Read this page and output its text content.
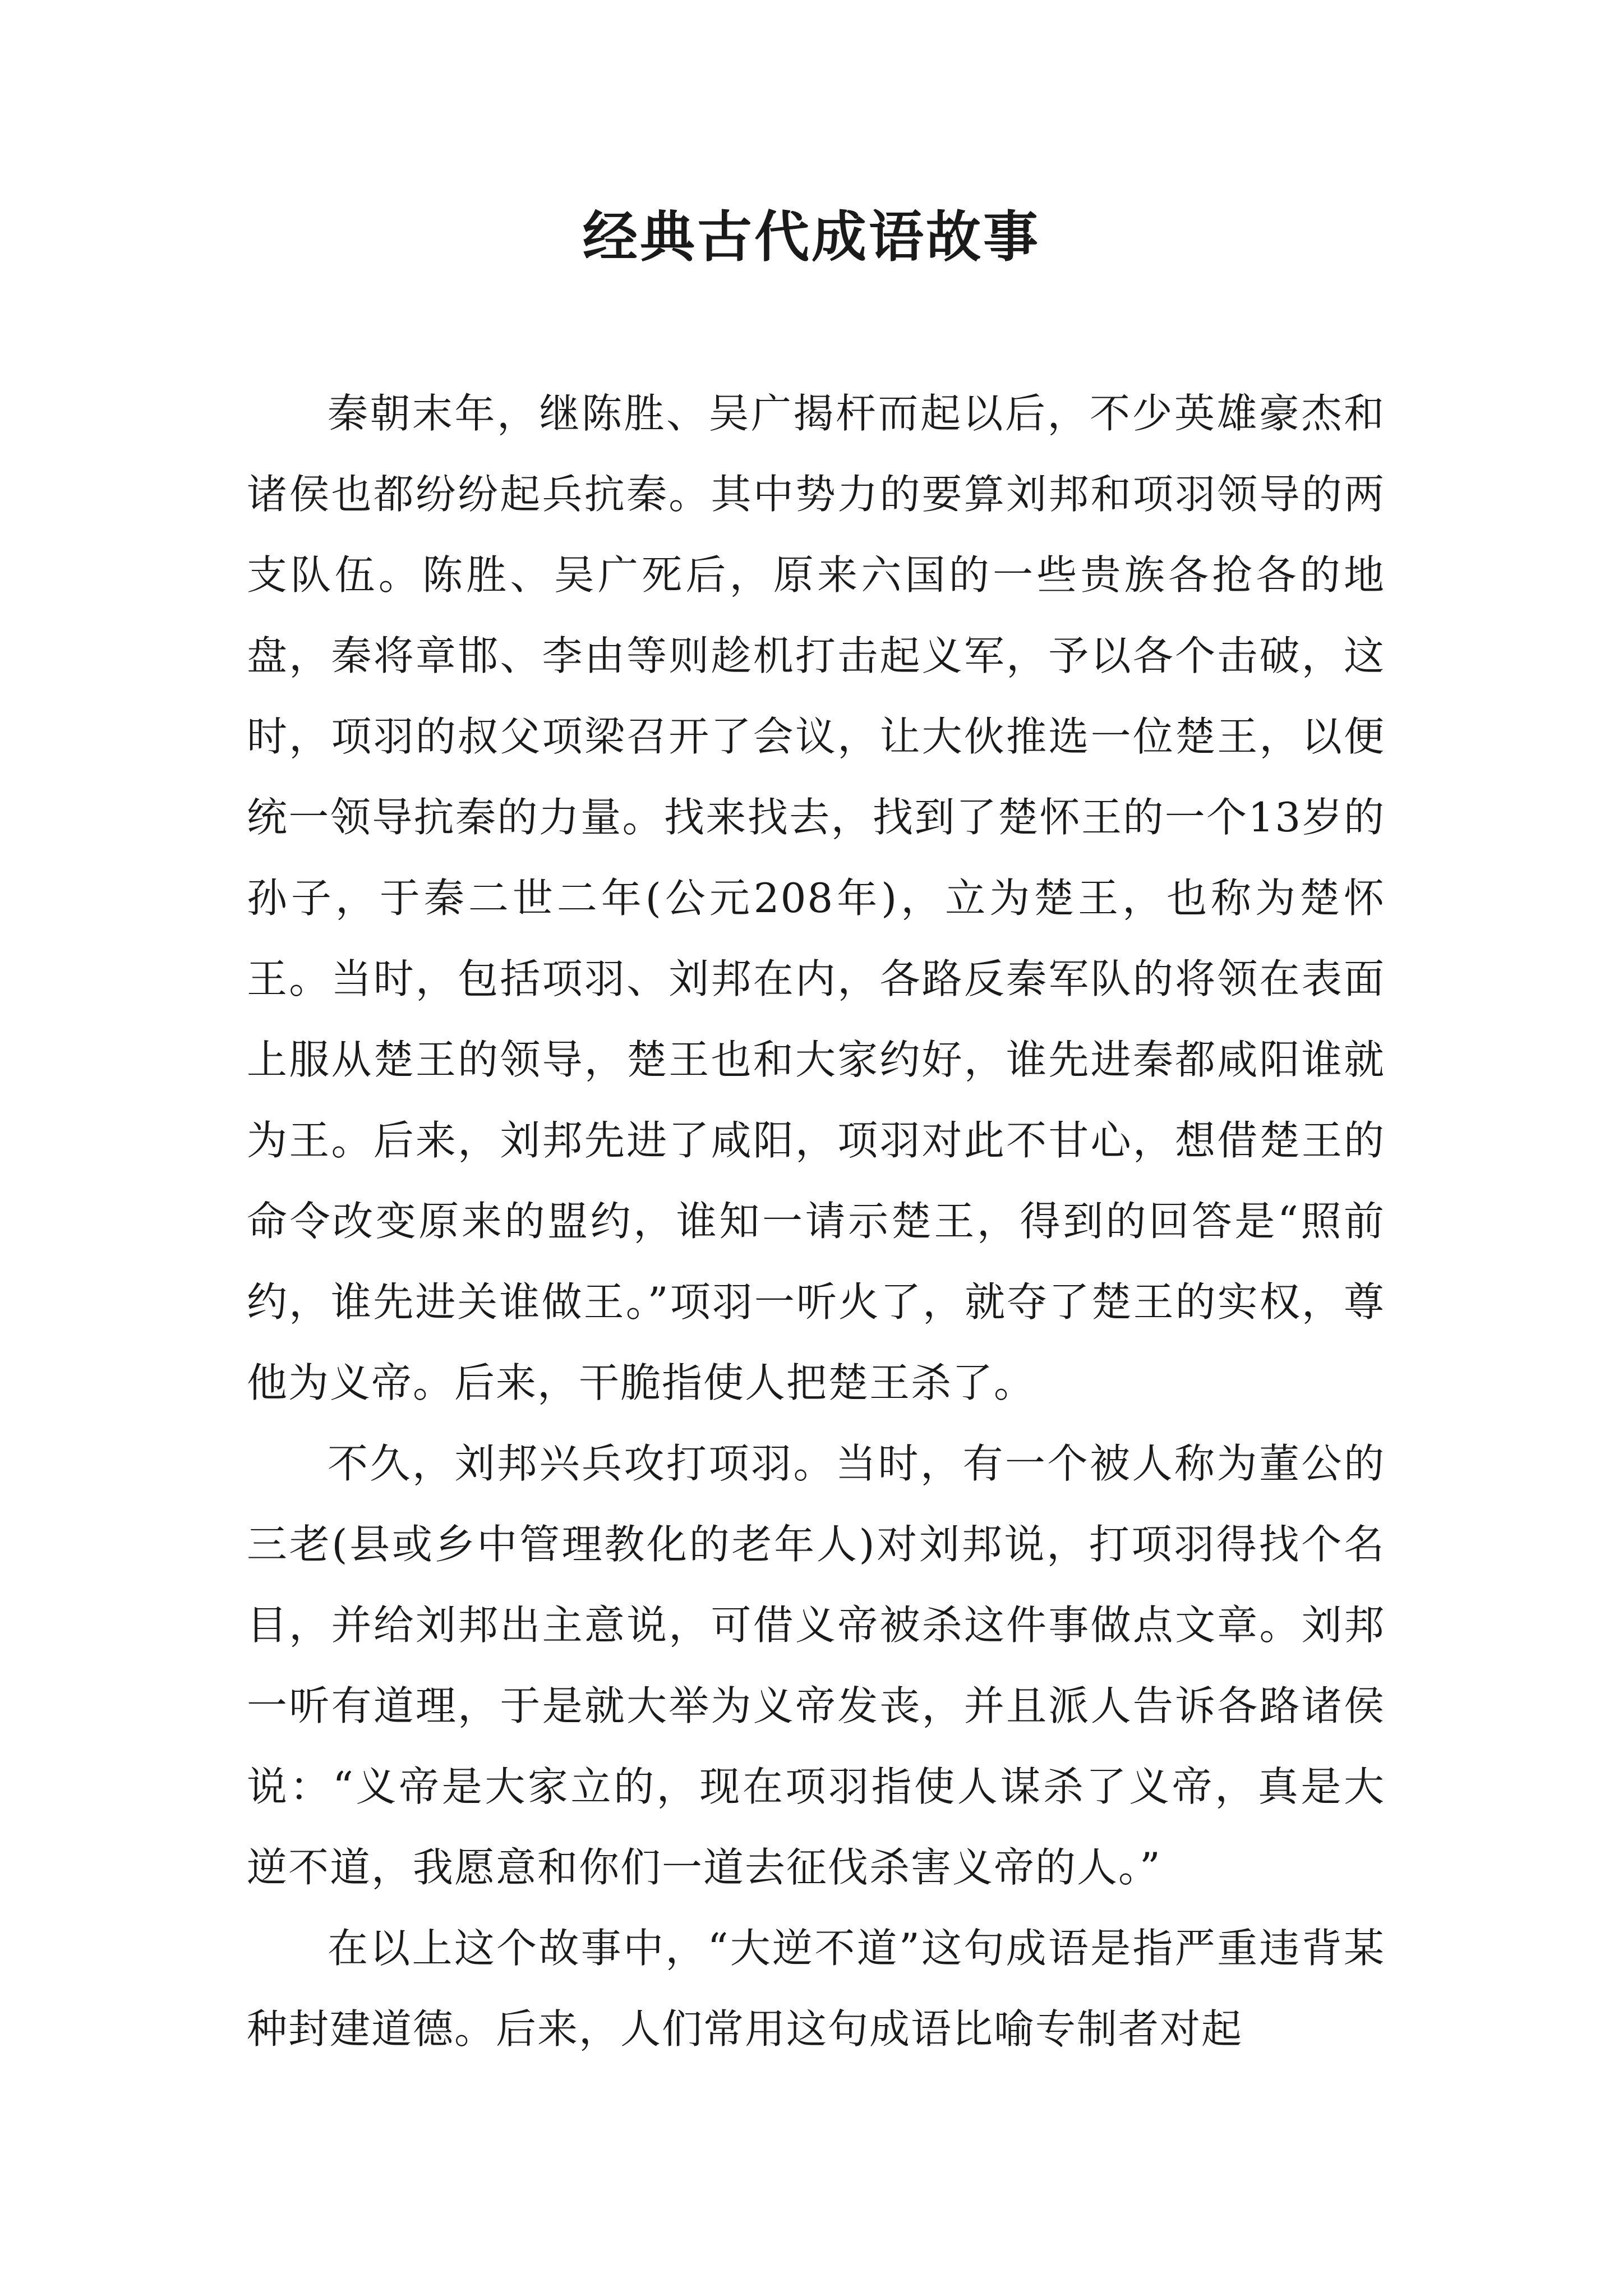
经典古代成语故事

秦朝末年，继陈胜、吴广揭杆而起以后，不少英雄豪杰和诸侯也都纷纷起兵抗秦。其中势力的要算刘邦和项羽领导的两支队伍。陈胜、吴广死后，原来六国的一些贵族各抢各的地盘，秦将章邯、李由等则趁机打击起义军，予以各个击破，这时，项羽的叔父项梁召开了会议，让大伙推选一位楚王，以便统一领导抗秦的力量。找来找去，找到了楚怀王的一个13岁的孙子，于秦二世二年(公元208年)，立为楚王，也称为楚怀王。当时，包括项羽、刘邦在内，各路反秦军队的将领在表面上服从楚王的领导，楚王也和大家约好，谁先进秦都咸阳谁就为王。后来，刘邦先进了咸阳，项羽对此不甘心，想借楚王的命令改变原来的盟约，谁知一请示楚王，得到的回答是“照前约，谁先进关谁做王。”项羽一听火了，就夺了楚王的实权，尊他为义帝。后来，干脆指使人把楚王杀了。

不久，刘邦兴兵攻打项羽。当时，有一个被人称为董公的三老(县或乡中管理教化的老年人)对刘邦说，打项羽得找个名目，并给刘邦出主意说，可借义帝被杀这件事做点文章。刘邦一听有道理，于是就大举为义帝发丧，并且派人告诉各路诸侯说：“义帝是大家立的，现在项羽指使人谋杀了义帝，真是大逆不道，我愿意和你们一道去征伐杀害义帝的人。”

在以上这个故事中，“大逆不道”这句成语是指严重违背某种封建道德。后来，人们常用这句成语比喻专制者对起
